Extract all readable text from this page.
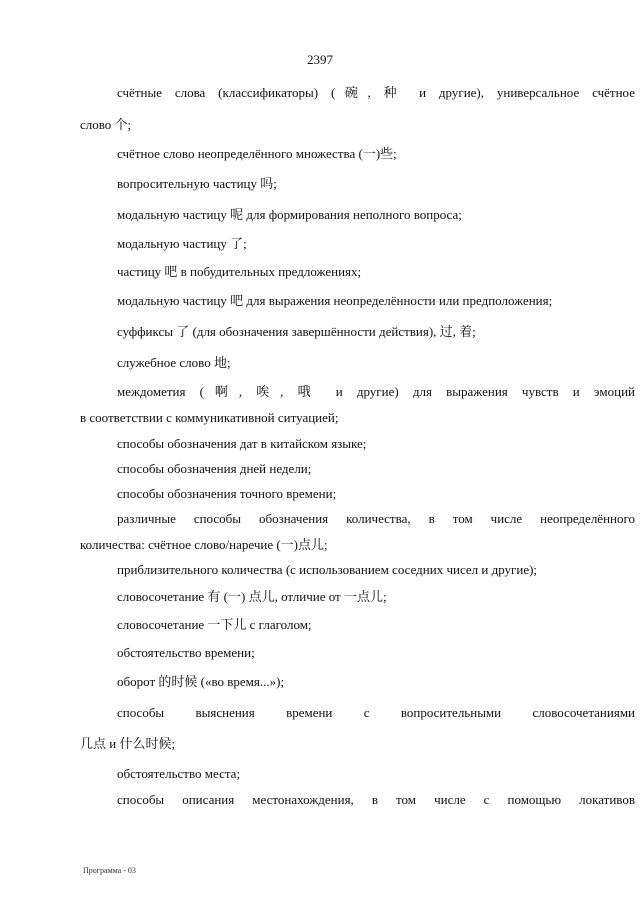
2397
счётные слова (классификаторы) (碗, 种 и другие), универсальное счётное
слово 个;
счётное слово неопределённого множества (一)些;
вопросительную частицу 吗;
модальную частицу 呢 для формирования неполного вопроса;
модальную частицу 了;
частицу 吧 в побудительных предложениях;
модальную частицу 吧 для выражения неопределённости или предположения;
суффиксы 了 (для обозначения завершённости действия), 过, 着;
служебное слово 地;
междометия (啊, 唉, 哦 и другие) для выражения чувств и эмоций
в соответствии с коммуникативной ситуацией;
способы обозначения дат в китайском языке;
способы обозначения дней недели;
способы обозначения точного времени;
различные способы обозначения количества, в том числе неопределённого
количества: счётное слово/наречие (一)点儿;
приблизительного количества (с использованием соседних чисел и другие);
словосочетание 有 (一) 点儿, отличие от 一点儿;
словосочетание 一下儿 с глаголом;
обстоятельство времени;
оборот 的时候 («во время...»);
способы выяснения времени с вопросительными словосочетаниями
几点 и 什么时候;
обстоятельство места;
способы описания местонахождения, в том числе с помощью локативов
Программа - 03
